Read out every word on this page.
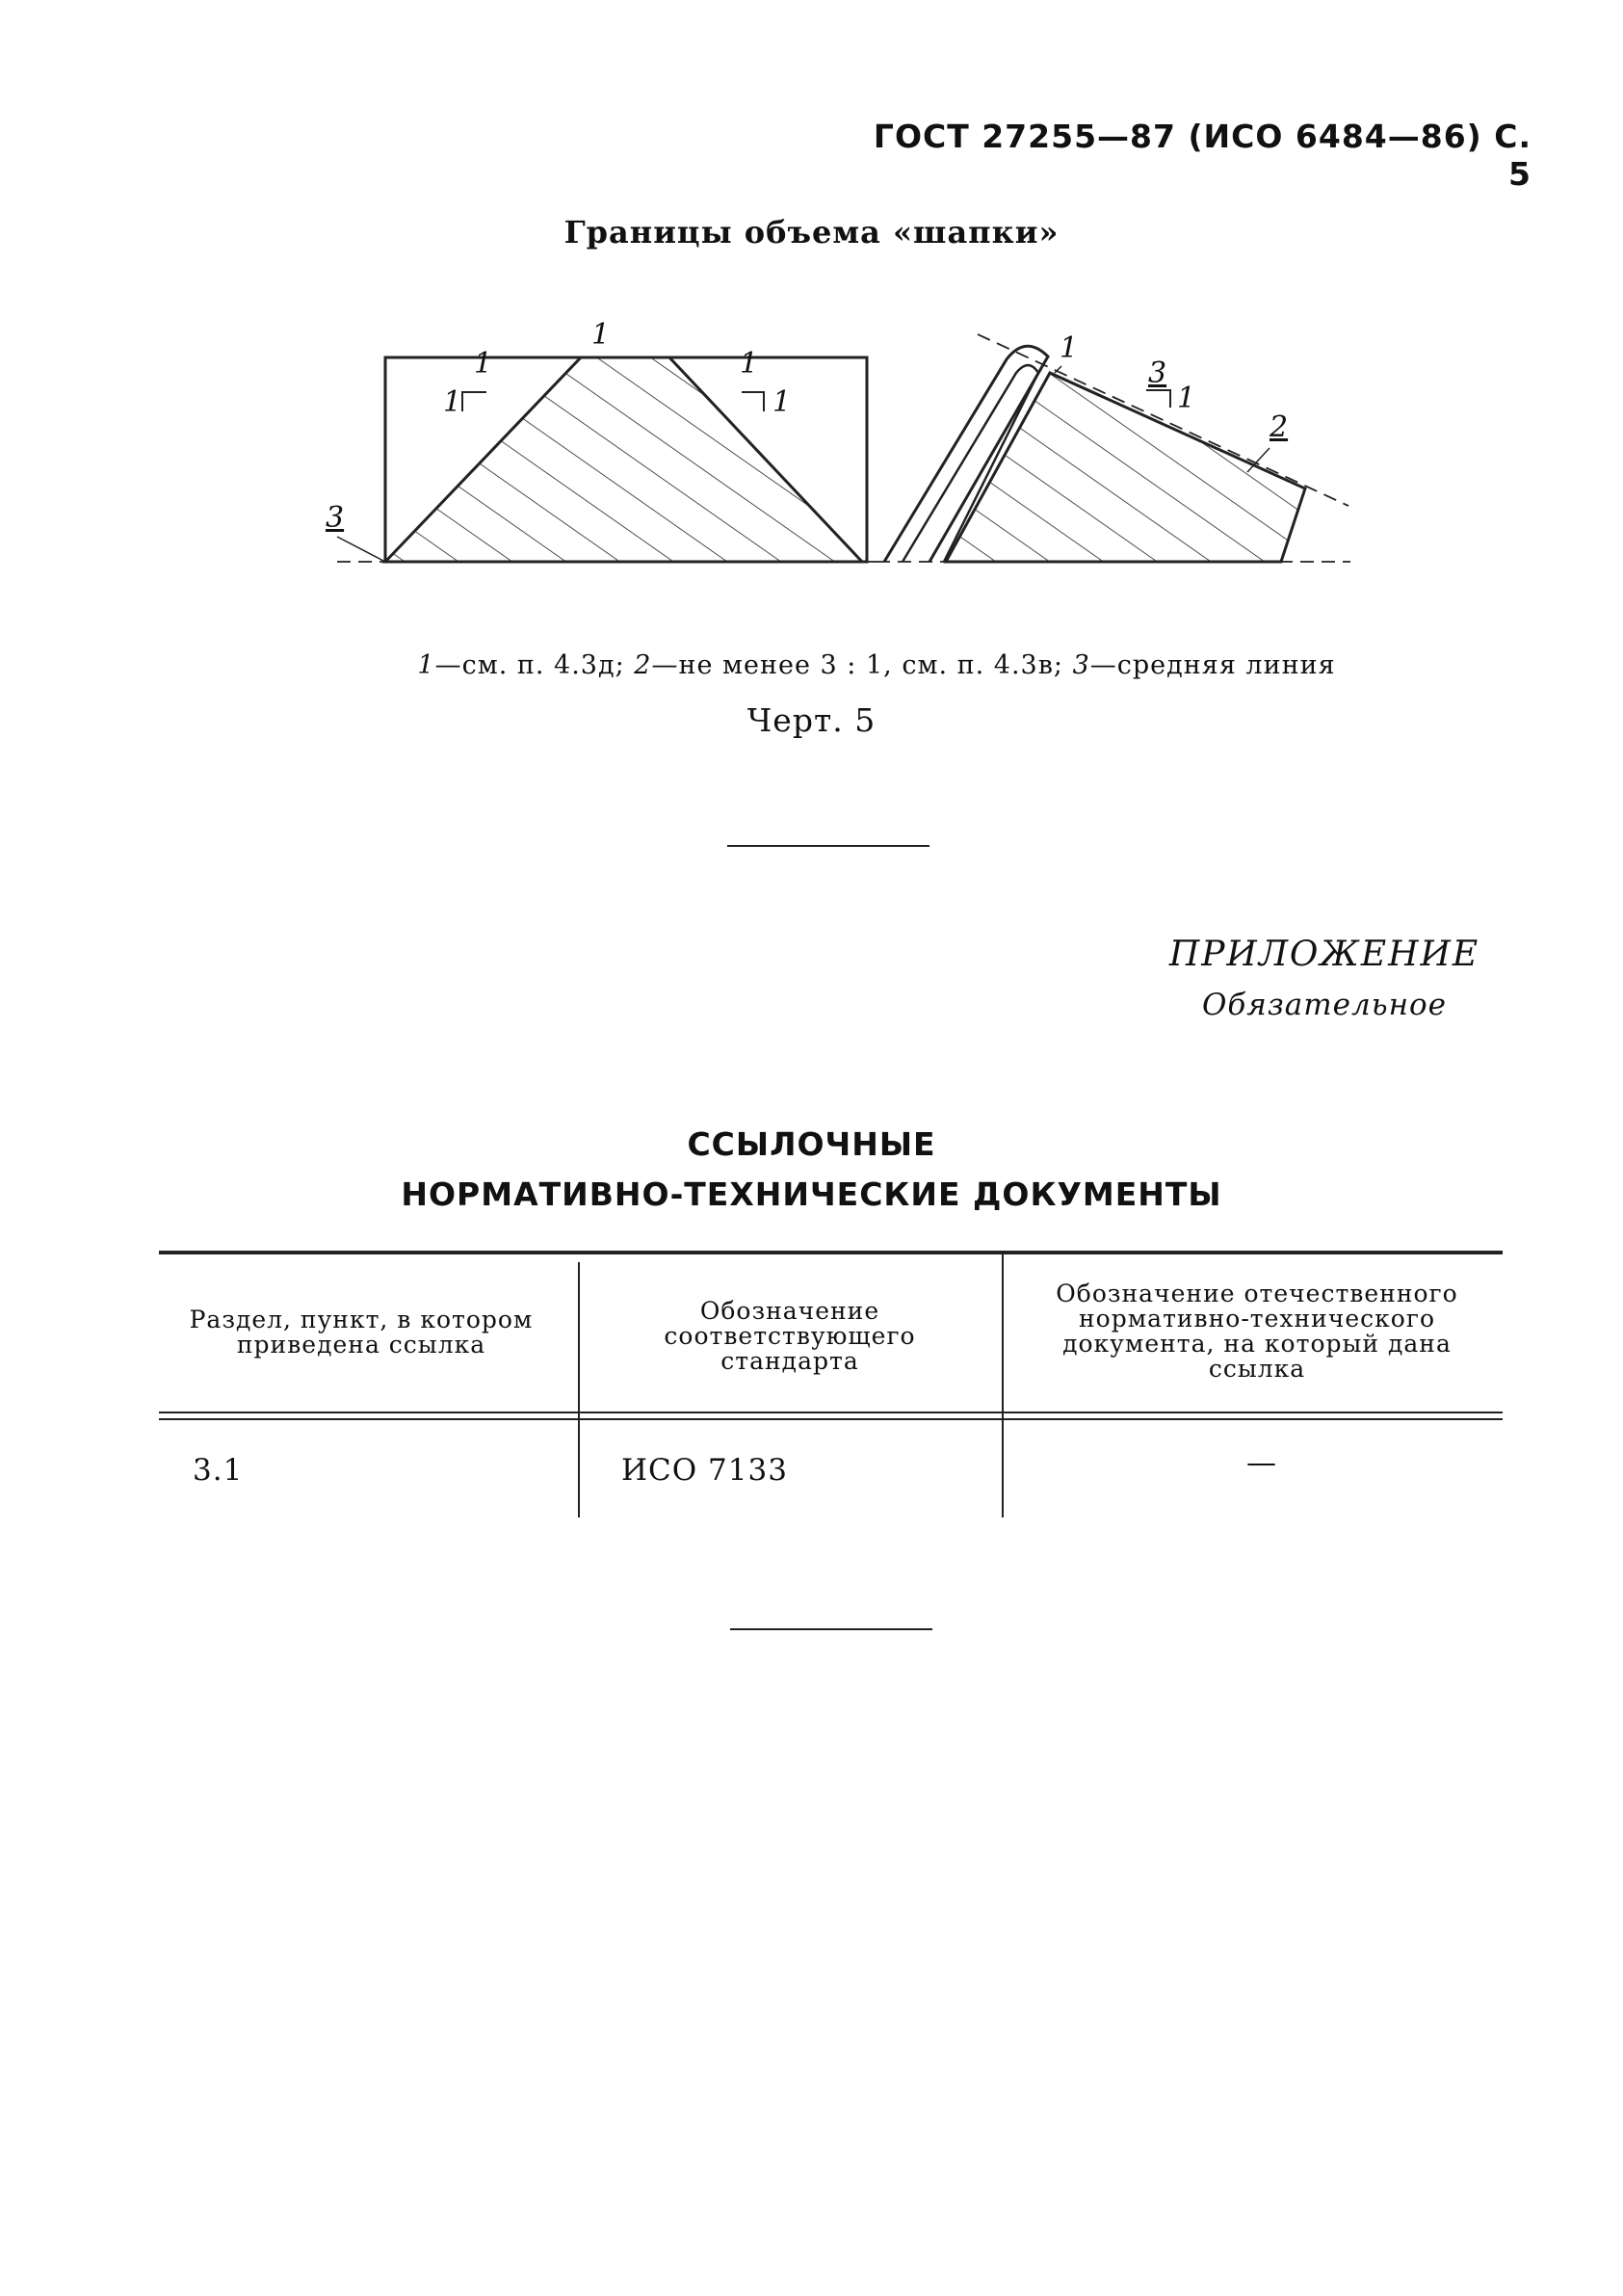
ГОСТ 27255—87 (ИСО 6484—86) С. 5
Границы объема «шапки»
1
1
1
1
1
3
1
3
1
2
1—см. п. 4.3д; 2—не менее 3 : 1, см. п. 4.3в; 3—средняя линия
Черт. 5
ПРИЛОЖЕНИЕ
Обязательное
ССЫЛОЧНЫЕ
НОРМАТИВНО-ТЕХНИЧЕСКИЕ ДОКУМЕНТЫ
Раздел, пункт, в котором приведена ссылка
Обозначение соответствующего стандарта
Обозначение отечественного нормативно-технического документа, на который дана ссылка
3.1	ИСО 7133	—
